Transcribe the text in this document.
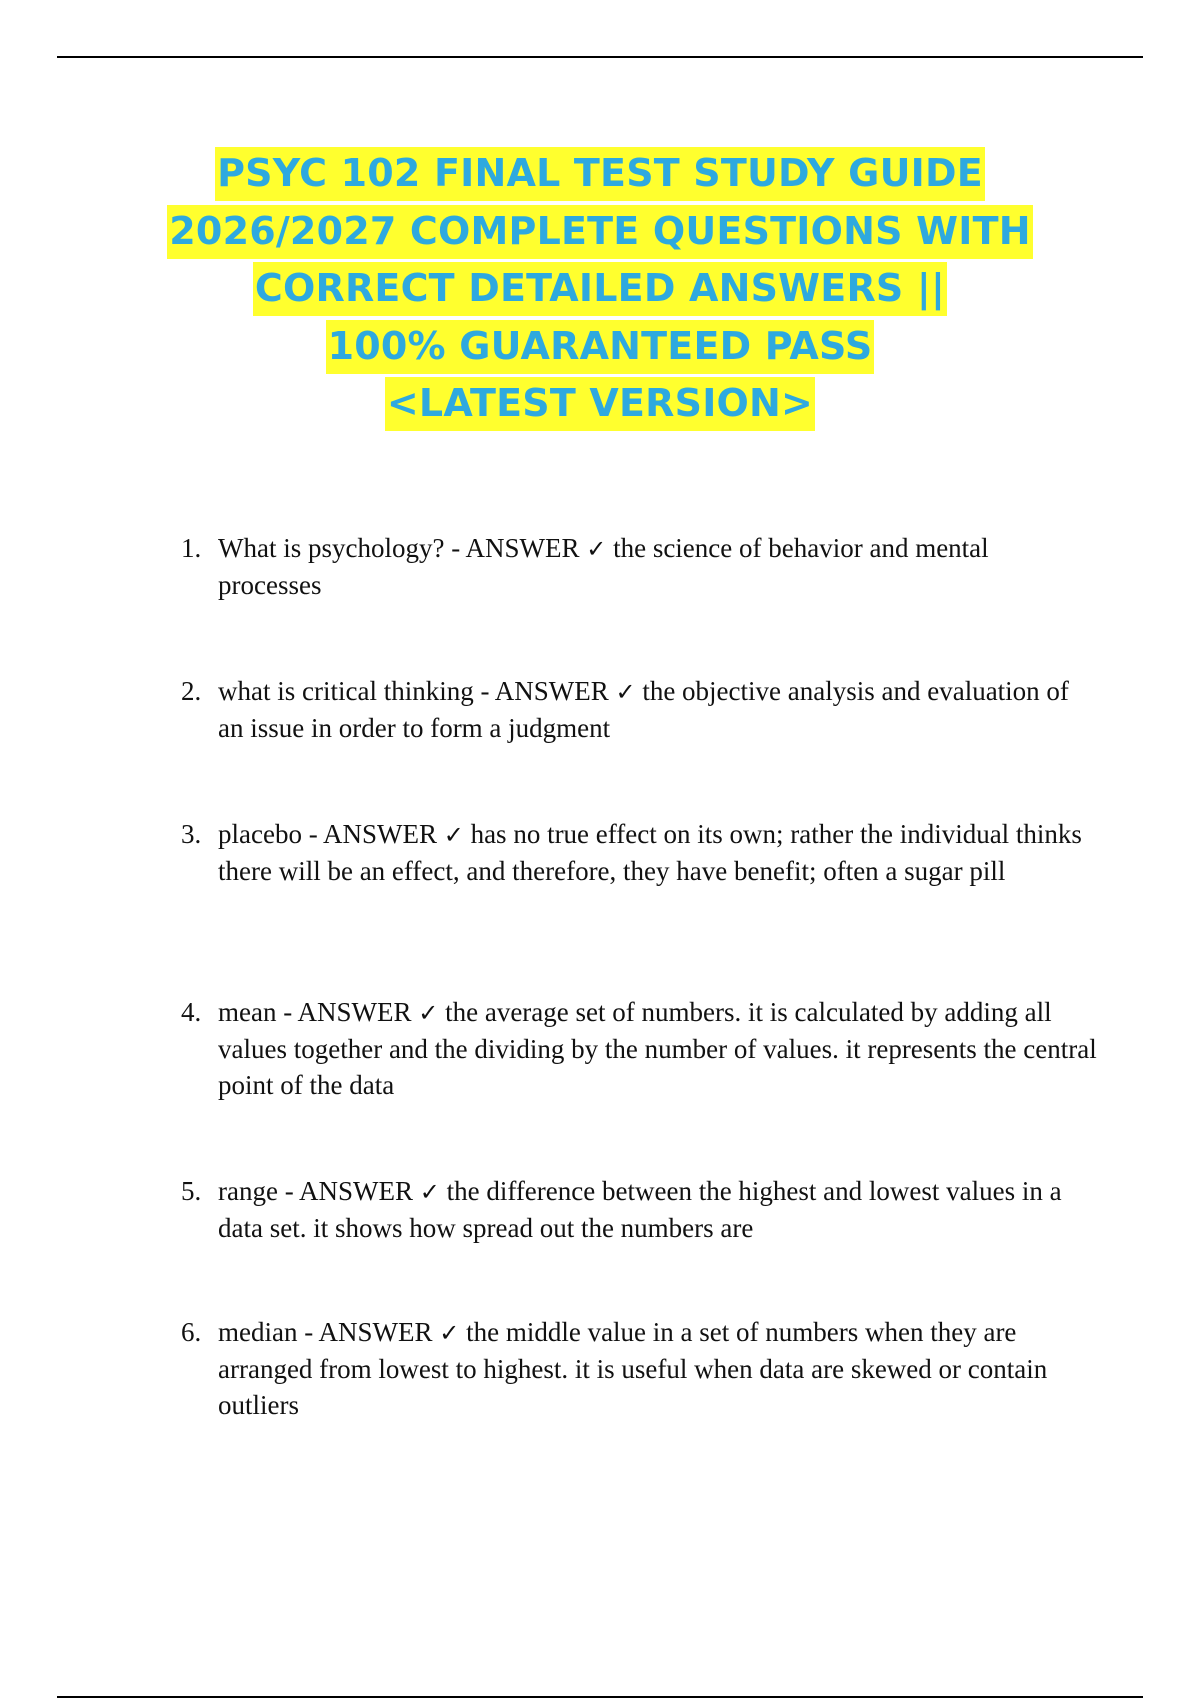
PSYC 102 FINAL TEST STUDY GUIDE
2026/2027 COMPLETE QUESTIONS WITH
CORRECT DETAILED ANSWERS ||
100% GUARANTEED PASS
<LATEST VERSION>
1. What is psychology? - ANSWER ✓ the science of behavior and mental processes
2. what is critical thinking - ANSWER ✓ the objective analysis and evaluation of an issue in order to form a judgment
3. placebo - ANSWER ✓ has no true effect on its own; rather the individual thinks there will be an effect, and therefore, they have benefit; often a sugar pill
4. mean - ANSWER ✓ the average set of numbers. it is calculated by adding all values together and the dividing by the number of values. it represents the central point of the data
5. range - ANSWER ✓ the difference between the highest and lowest values in a data set. it shows how spread out the numbers are
6. median - ANSWER ✓ the middle value in a set of numbers when they are arranged from lowest to highest. it is useful when data are skewed or contain outliers
